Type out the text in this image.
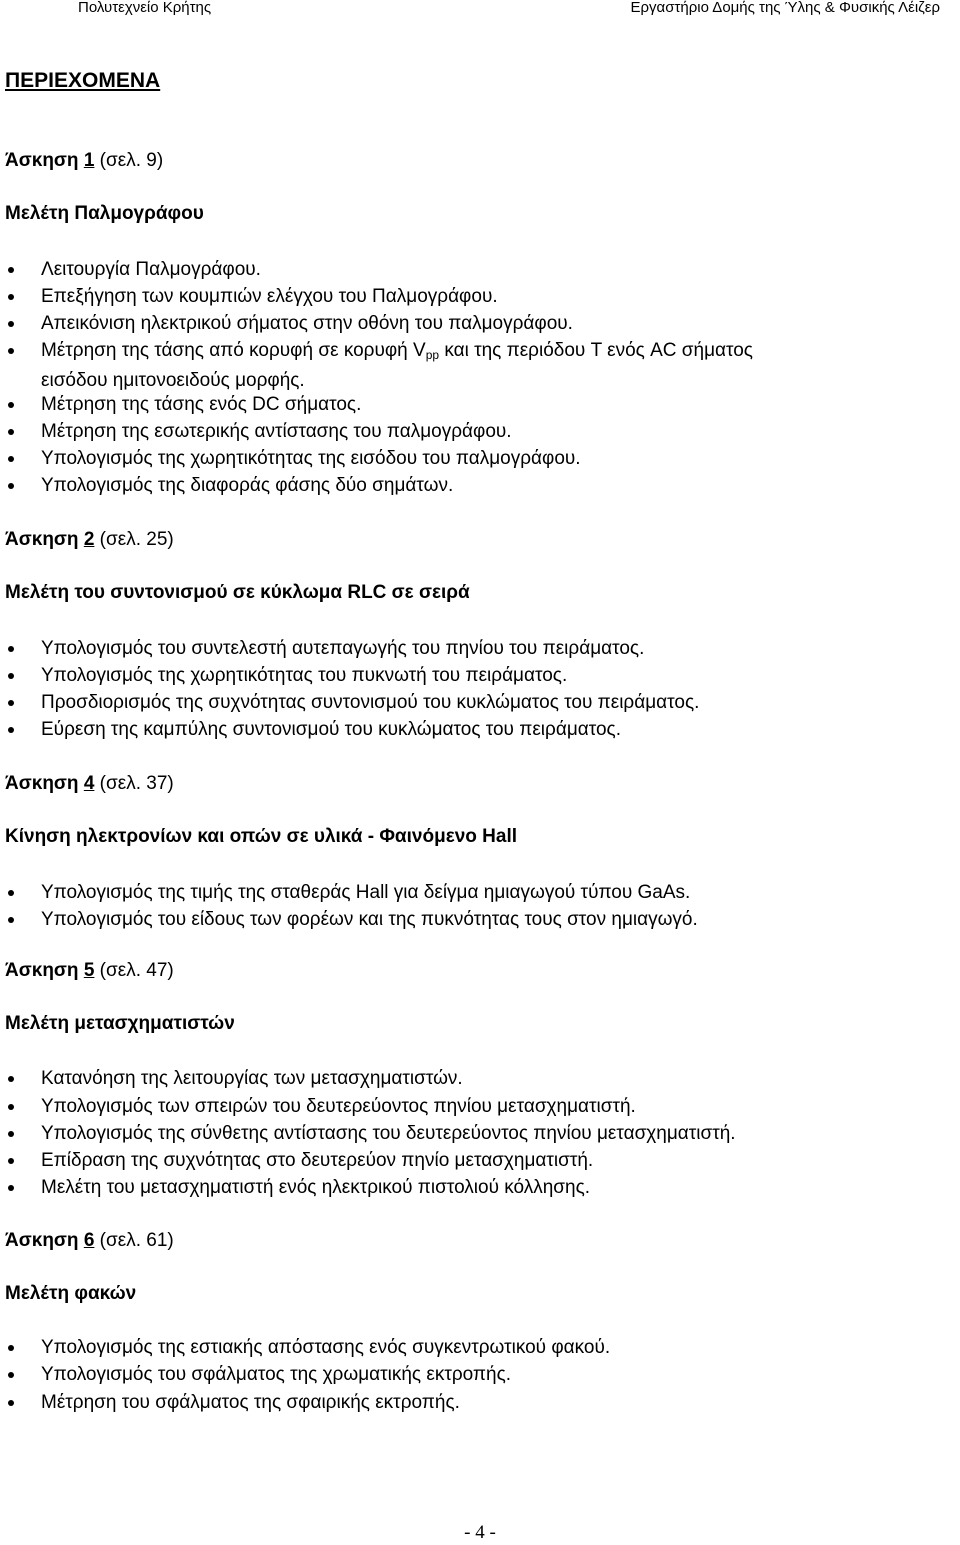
Πολυτεχνείο Κρήτης	Εργαστήριο Δομής της Ύλης & Φυσικής Λέιζερ
ΠΕΡΙΕΧΟΜΕΝΑ
Άσκηση 1 (σελ. 9)
Μελέτη Παλμογράφου
Λειτουργία Παλμογράφου.
Επεξήγηση των κουμπιών ελέγχου του Παλμογράφου.
Απεικόνιση ηλεκτρικού σήματος στην οθόνη του παλμογράφου.
Μέτρηση της τάσης από κορυφή σε κορυφή $V_{pp}$ και της περιόδου T ενός AC σήματος
εισόδου ημιτονοειδούς μορφής.
Μέτρηση της τάσης ενός DC σήματος.
Μέτρηση της εσωτερικής αντίστασης του παλμογράφου.
Υπολογισμός της χωρητικότητας της εισόδου του παλμογράφου.
Υπολογισμός της διαφοράς φάσης δύο σημάτων.
Άσκηση 2 (σελ. 25)
Μελέτη του συντονισμού σε κύκλωμα RLC σε σειρά
Υπολογισμός του συντελεστή αυτεπαγωγής του πηνίου του πειράματος.
Υπολογισμός της χωρητικότητας του πυκνωτή του πειράματος.
Προσδιορισμός της συχνότητας συντονισμού του κυκλώματος του πειράματος.
Εύρεση της καμπύλης συντονισμού του κυκλώματος του πειράματος.
Άσκηση 4 (σελ. 37)
Κίνηση ηλεκτρονίων και οπών σε υλικά - Φαινόμενο Hall
Υπολογισμός της τιμής της σταθεράς Hall για δείγμα ημιαγωγού τύπου GaAs.
Υπολογισμός του είδους των φορέων και της πυκνότητας τους στον ημιαγωγό.
Άσκηση 5 (σελ. 47)
Μελέτη μετασχηματιστών
Κατανόηση της λειτουργίας των μετασχηματιστών.
Υπολογισμός των σπειρών του δευτερεύοντος πηνίου μετασχηματιστή.
Υπολογισμός της σύνθετης αντίστασης του δευτερεύοντος πηνίου μετασχηματιστή.
Επίδραση της συχνότητας στο δευτερεύον πηνίο μετασχηματιστή.
Μελέτη του μετασχηματιστή ενός ηλεκτρικού πιστολιού κόλλησης.
Άσκηση 6 (σελ. 61)
Μελέτη φακών
Υπολογισμός της εστιακής απόστασης ενός συγκεντρωτικού φακού.
Υπολογισμός του σφάλματος της χρωματικής εκτροπής.
Μέτρηση του σφάλματος της σφαιρικής εκτροπής.
- 4 -
